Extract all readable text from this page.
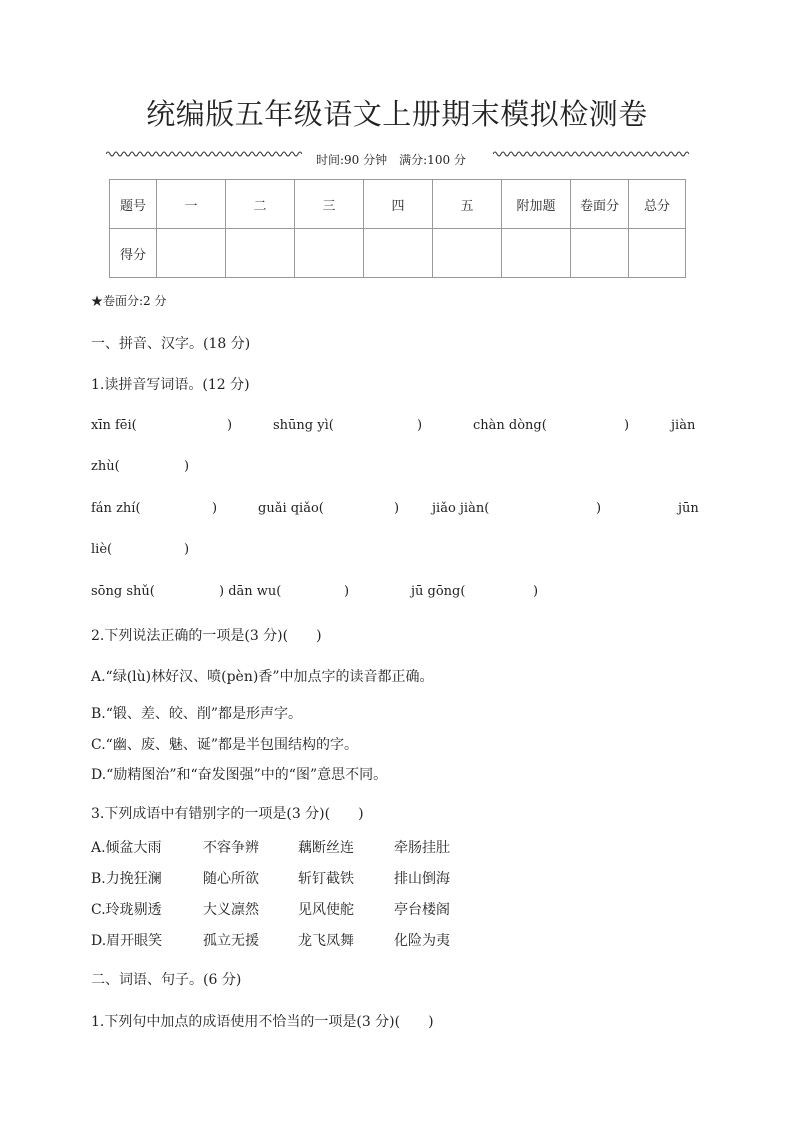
统编版五年级语文上册期末模拟检测卷
时间:90 分钟 满分:100 分
题号	一	二	三	四	五	附加题	卷面分	总分
得分								
★卷面分:2 分
一、拼音、汉字。(18 分)
1.读拼音写词语。(12 分)
xīn fēi(	)	shūng yì(	)	chàn dòng(	)	jiàn
zhù(	)
fán zhí(	)	guǎi qiǎo(	)	jiǎo jiàn(	)	jūn
liè(	)
sōng shǔ(	) dān wu(	)	jū gōng(	)
2.下列说法正确的一项是(3 分)(　　)
A.“绿(lù)林好汉、喷(pèn)香”中加点字的读音都正确。
B.“锻、差、皎、削”都是形声字。
C.“幽、废、魅、诞”都是半包围结构的字。
D.“励精图治”和“奋发图强”中的“图”意思不同。
3.下列成语中有错别字的一项是(3 分)(　　)
A.倾盆大雨	不容争辨	藕断丝连	牵肠挂肚
B.力挽狂澜	随心所欲	斩钉截铁	排山倒海
C.玲珑剔透	大义凛然	见风使舵	亭台楼阁
D.眉开眼笑	孤立无援	龙飞凤舞	化险为夷
二、词语、句子。(6 分)
1.下列句中加点的成语使用不恰当的一项是(3 分)(　　)
